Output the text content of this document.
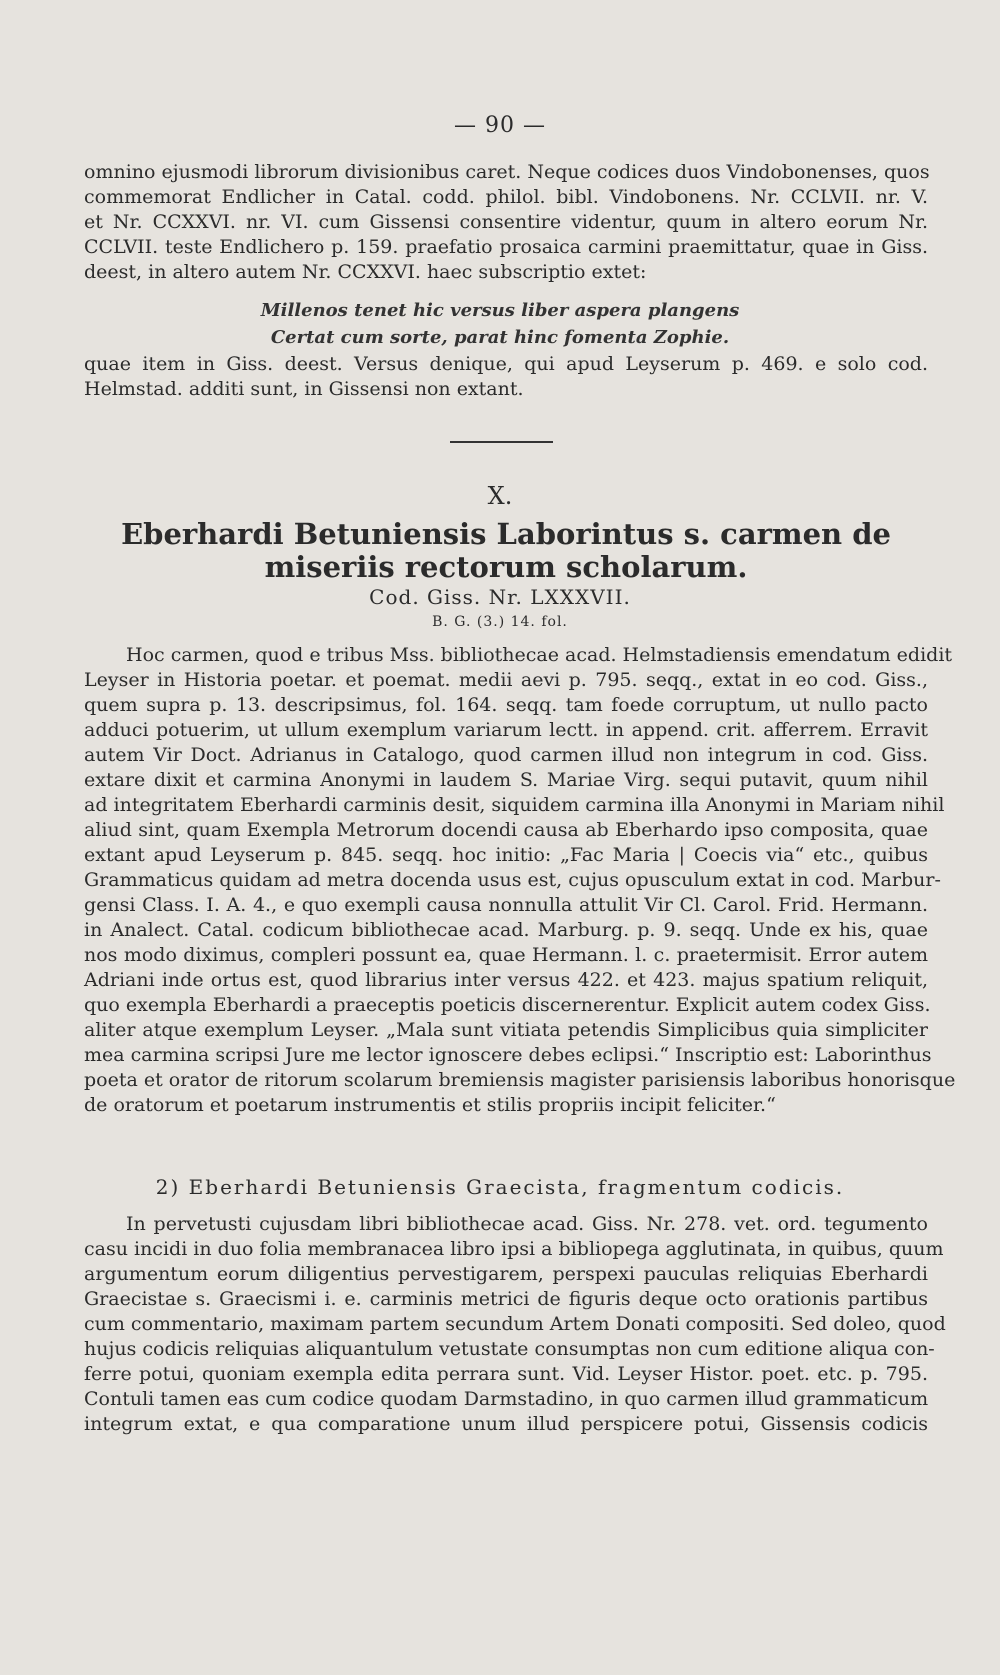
— 90 —
omnino ejusmodi librorum divisionibus caret. Neque codices duos Vindobonenses, quos
commemorat Endlicher in Catal. codd. philol. bibl. Vindobonens. Nr. CCLVII. nr. V.
et Nr. CCXXVI. nr. VI. cum Gissensi consentire videntur, quum in altero eorum Nr.
CCLVII. teste Endlichero p. 159. praefatio prosaica carmini praemittatur, quae in Giss.
deest, in altero autem Nr. CCXXVI. haec subscriptio extet:
Millenos tenet hic versus liber aspera plangens
Certat cum sorte, parat hinc fomenta Zophie.
quae item in Giss. deest. Versus denique, qui apud Leyserum p. 469. e solo cod.
Helmstad. additi sunt, in Gissensi non extant.
X.
Eberhardi Betuniensis Laborintus s. carmen de miseriis rectorum scholarum.
Cod. Giss. Nr. LXXXVII.
B. G. (3.) 14. fol.
Hoc carmen, quod e tribus Mss. bibliothecae acad. Helmstadiensis emendatum edidit
Leyser in Historia poetar. et poemat. medii aevi p. 795. seqq., extat in eo cod. Giss.,
quem supra p. 13. descripsimus, fol. 164. seqq. tam foede corruptum, ut nullo pacto
adduci potuerim, ut ullum exemplum variarum lectt. in append. crit. afferrem. Erravit
autem Vir Doct. Adrianus in Catalogo, quod carmen illud non integrum in cod. Giss.
extare dixit et carmina Anonymi in laudem S. Mariae Virg. sequi putavit, quum nihil
ad integritatem Eberhardi carminis desit, siquidem carmina illa Anonymi in Mariam nihil
aliud sint, quam Exempla Metrorum docendi causa ab Eberhardo ipso composita, quae
extant apud Leyserum p. 845. seqq. hoc initio: „Fac Maria | Coecis via“ etc., quibus
Grammaticus quidam ad metra docenda usus est, cujus opusculum extat in cod. Marbur-
gensi Class. I. A. 4., e quo exempli causa nonnulla attulit Vir Cl. Carol. Frid. Hermann.
in Analect. Catal. codicum bibliothecae acad. Marburg. p. 9. seqq. Unde ex his, quae
nos modo diximus, compleri possunt ea, quae Hermann. l. c. praetermisit. Error autem
Adriani inde ortus est, quod librarius inter versus 422. et 423. majus spatium reliquit,
quo exempla Eberhardi a praeceptis poeticis discernerentur. Explicit autem codex Giss.
aliter atque exemplum Leyser. „Mala sunt vitiata petendis Simplicibus quia simpliciter
mea carmina scripsi Jure me lector ignoscere debes eclipsi.“ Inscriptio est: Laborinthus
poeta et orator de ritorum scolarum bremiensis magister parisiensis laboribus honorisque
de oratorum et poetarum instrumentis et stilis propriis incipit feliciter.“
2) Eberhardi Betuniensis Graecista, fragmentum codicis.
In pervetusti cujusdam libri bibliothecae acad. Giss. Nr. 278. vet. ord. tegumento
casu incidi in duo folia membranacea libro ipsi a bibliopega agglutinata, in quibus, quum
argumentum eorum diligentius pervestigarem, perspexi pauculas reliquias Eberhardi
Graecistae s. Graecismi i. e. carminis metrici de figuris deque octo orationis partibus
cum commentario, maximam partem secundum Artem Donati compositi. Sed doleo, quod
hujus codicis reliquias aliquantulum vetustate consumptas non cum editione aliqua con-
ferre potui, quoniam exempla edita perrara sunt. Vid. Leyser Histor. poet. etc. p. 795.
Contuli tamen eas cum codice quodam Darmstadino, in quo carmen illud grammaticum
integrum extat, e qua comparatione unum illud perspicere potui, Gissensis codicis
